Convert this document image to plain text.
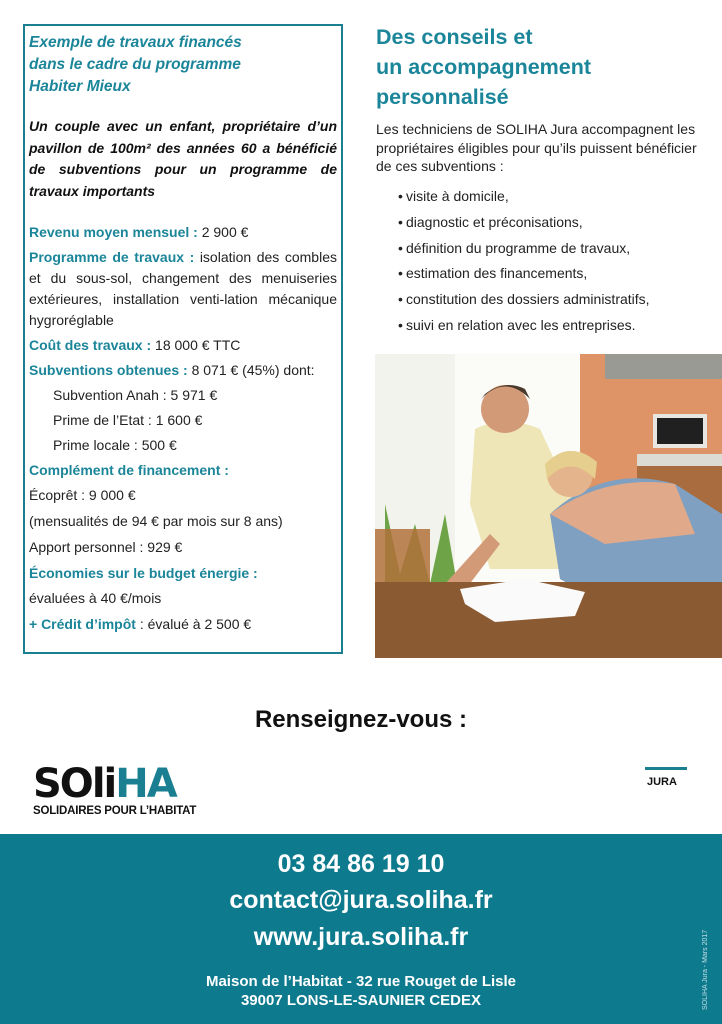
Exemple de travaux financés
dans le cadre du programme
Habiter Mieux
Un couple avec un enfant, propriétaire d’un pavillon de 100m² des années 60 a bénéficié de subventions pour un programme de travaux importants
Revenu moyen mensuel : 2 900 €
Programme de travaux : isolation des combles et du sous-sol, changement des menuiseries extérieures, installation venti-lation mécanique hygroréglable
Coût des travaux : 18 000 € TTC
Subventions obtenues : 8 071 € (45%) dont:
Subvention Anah : 5 971 €
Prime de l’Etat : 1 600 €
Prime locale : 500 €
Complément de financement :
Écoprêt : 9 000 €
(mensualités de 94 € par mois sur 8 ans)
Apport personnel : 929 €
Économies sur le budget énergie :
évaluées à 40 €/mois
+ Crédit d’impôt : évalué à 2 500 €
Des conseils et
un accompagnement
personnalisé
Les techniciens de SOLIHA Jura accompagnent les propriétaires éligibles pour qu’ils puissent bénéficier de ces subventions :
• visite à domicile,
• diagnostic et préconisations,
• définition du programme de travaux,
• estimation des financements,
• constitution des dossiers administratifs,
• suivi en relation avec les entreprises.
Renseignez-vous :
SOliHA
SOLIDAIRES POUR L’HABITAT
JURA
03 84 86 19 10
contact@jura.soliha.fr
www.jura.soliha.fr
Maison de l’Habitat - 32 rue Rouget de Lisle
39007 LONS-LE-SAUNIER CEDEX	SOLIHA Jura - Mars 2017
